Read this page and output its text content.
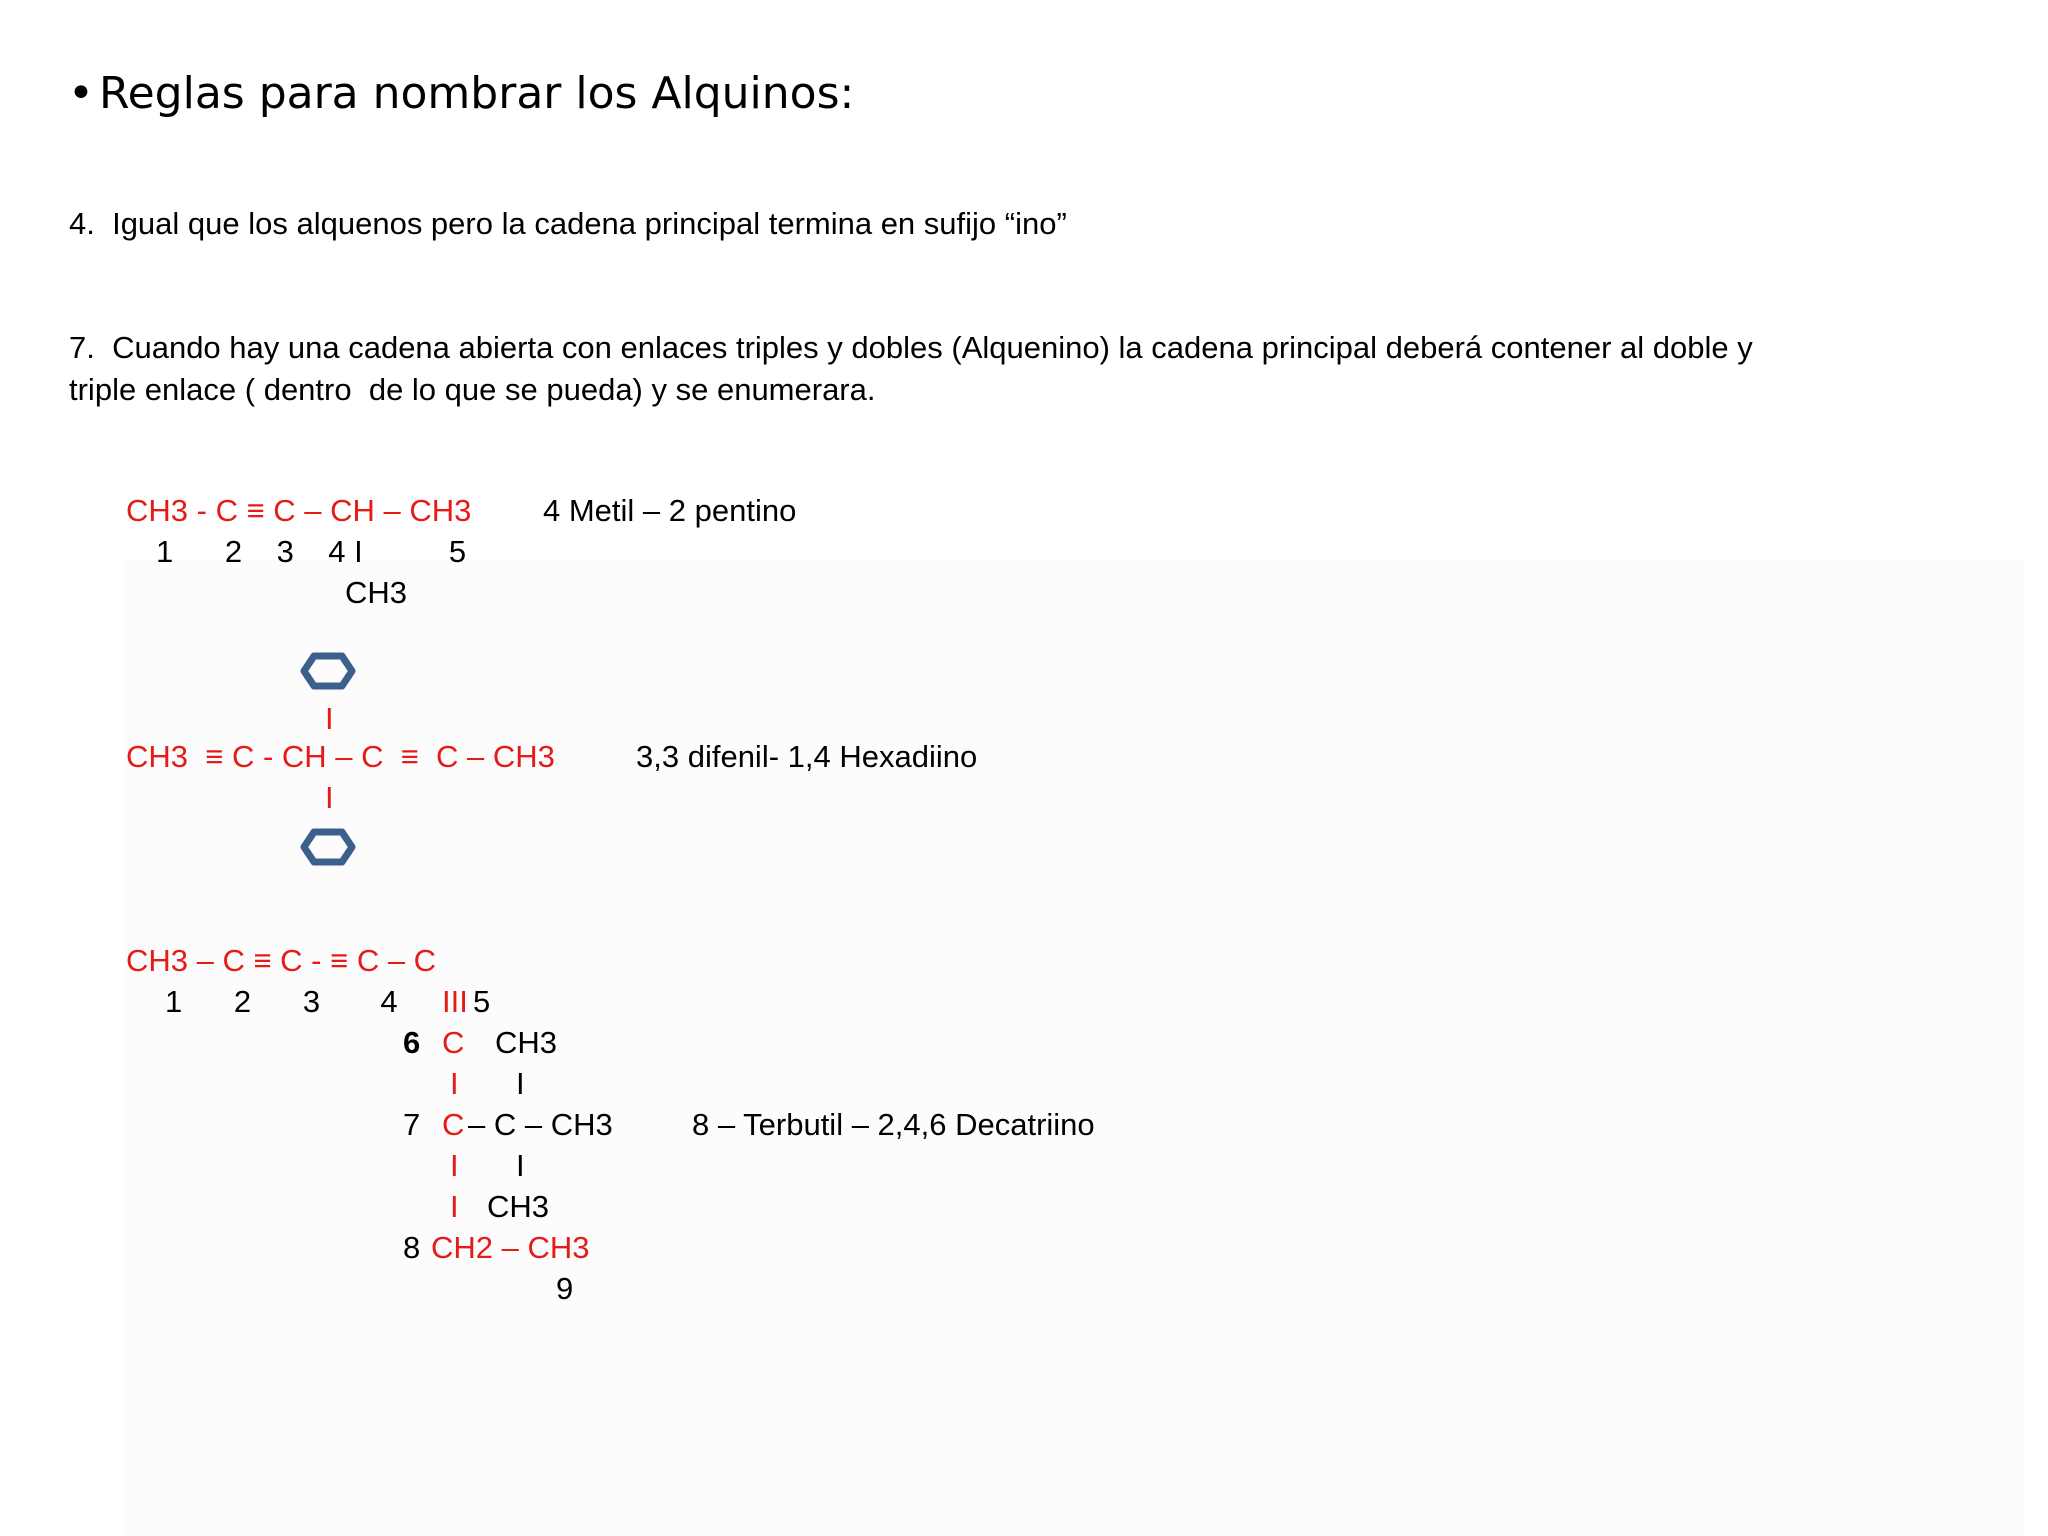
• Reglas para nombrar los Alquinos:
4.  Igual que los alquenos pero la cadena principal termina en sufijo “ino”
7.  Cuando hay una cadena abierta con enlaces triples y dobles (Alquenino) la cadena principal deberá contener al doble y
triple enlace ( dentro  de lo que se pueda) y se enumerara.
CH3 - C ≡ C – CH – CH3 4 Metil – 2 pentino
1      2    3    4 I          5
CH3
I
CH3  ≡ C - CH – C  ≡  C – CH3	3,3 difenil- 1,4 Hexadiino
I
CH3 – C ≡ C - ≡ C – C
1      2      3       4 III 5
6 C CH3
I I
7 C – C – CH3	8 – Terbutil – 2,4,6 Decatriino
I I
I CH3
8 CH2 – CH3
9
